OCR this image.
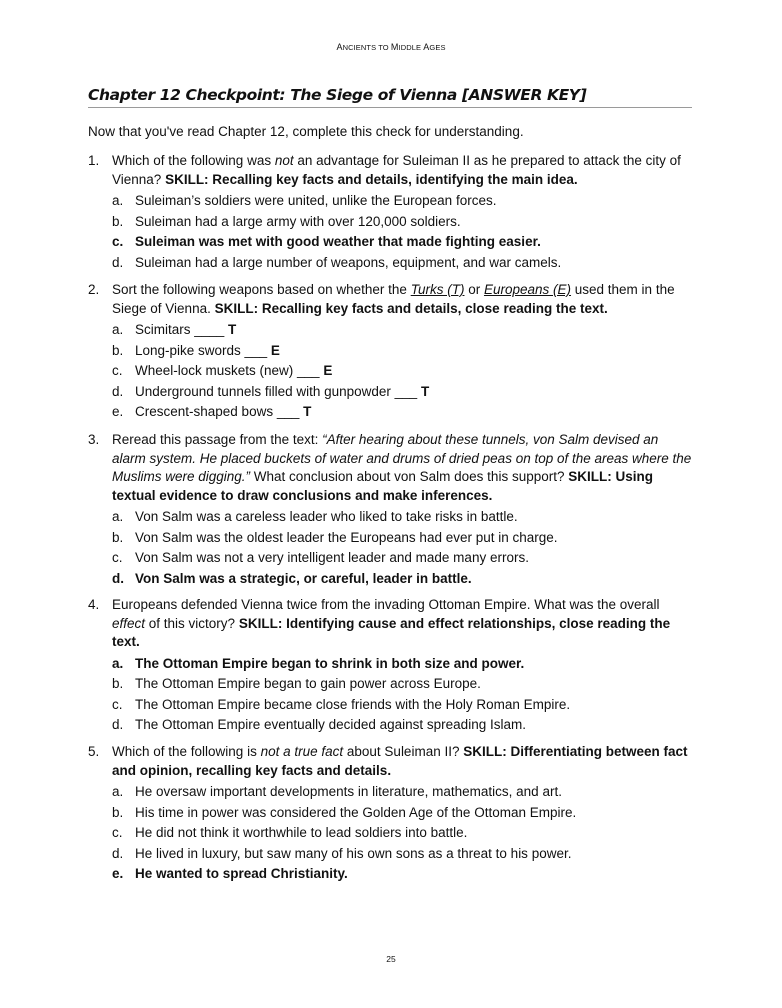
ANCIENTS TO MIDDLE AGES
Chapter 12 Checkpoint: The Siege of Vienna [ANSWER KEY]
Now that you've read Chapter 12, complete this check for understanding.
1. Which of the following was not an advantage for Suleiman II as he prepared to attack the city of Vienna? SKILL: Recalling key facts and details, identifying the main idea.
a. Suleiman’s soldiers were united, unlike the European forces.
b. Suleiman had a large army with over 120,000 soldiers.
c. Suleiman was met with good weather that made fighting easier.
d. Suleiman had a large number of weapons, equipment, and war camels.
2. Sort the following weapons based on whether the Turks (T) or Europeans (E) used them in the Siege of Vienna. SKILL: Recalling key facts and details, close reading the text.
a. Scimitars ____ T
b. Long-pike swords ___ E
c. Wheel-lock muskets (new) ___ E
d. Underground tunnels filled with gunpowder ___ T
e. Crescent-shaped bows ___ T
3. Reread this passage from the text: “After hearing about these tunnels, von Salm devised an alarm system. He placed buckets of water and drums of dried peas on top of the areas where the Muslims were digging.” What conclusion about von Salm does this support? SKILL: Using textual evidence to draw conclusions and make inferences.
a. Von Salm was a careless leader who liked to take risks in battle.
b. Von Salm was the oldest leader the Europeans had ever put in charge.
c. Von Salm was not a very intelligent leader and made many errors.
d. Von Salm was a strategic, or careful, leader in battle.
4. Europeans defended Vienna twice from the invading Ottoman Empire. What was the overall effect of this victory? SKILL: Identifying cause and effect relationships, close reading the text.
a. The Ottoman Empire began to shrink in both size and power.
b. The Ottoman Empire began to gain power across Europe.
c. The Ottoman Empire became close friends with the Holy Roman Empire.
d. The Ottoman Empire eventually decided against spreading Islam.
5. Which of the following is not a true fact about Suleiman II? SKILL: Differentiating between fact and opinion, recalling key facts and details.
a. He oversaw important developments in literature, mathematics, and art.
b. His time in power was considered the Golden Age of the Ottoman Empire.
c. He did not think it worthwhile to lead soldiers into battle.
d. He lived in luxury, but saw many of his own sons as a threat to his power.
e. He wanted to spread Christianity.
25
